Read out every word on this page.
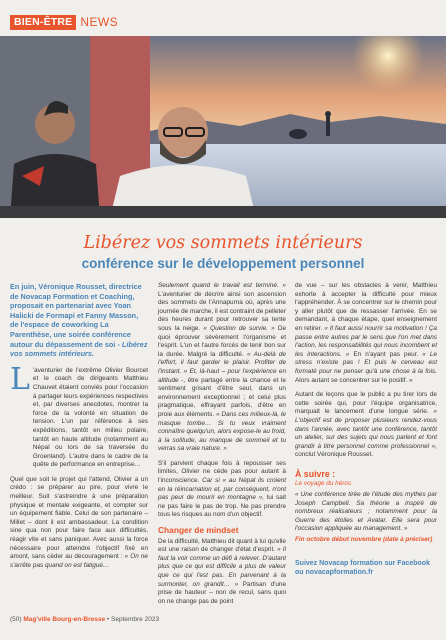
BIEN-ÊTRE NEWS
Libérez vos sommets intérieurs
conférence sur le développement personnel
En juin, Véronique Rousset, directrice de Novacap Formation et Coaching, proposait en partenariat avec Yoan Halicki de Formapi et Fanny Masson, de l'espace de coworking La Parenthèse, une soirée conférence autour du dépassement de soi - Libérez vos sommets intérieurs.
L 'aventurier de l'extrême Olivier Bourcet et le coach de dirigeants Matthieu Chauvet étaient conviés pour l'occasion à partager leurs expériences respectives et, par diverses anecdotes, montrer la force de la volonté en situation de tension. L'un par référence à ses expéditions, tantôt en milieu polaire, tantôt en haute altitude (notamment au Népal ou lors de sa traversée du Groenland). L'autre dans le cadre de la quête de performance en entreprise…

Quel que soit le projet qui l'attend, Olivier a un crédo : se préparer au pire, pour vivre le meilleur. Suit s'astreindre à une préparation physique et mentale exigeante, et compter sur un équipement fiable. Celui de son partenaire – Millet – dont il est ambassadeur. La condition sine qua non pour faire face aux difficultés, réagir vite et sans paniquer. Avec aussi la force nécessaire pour atteindre l'objectif fixé en amont, sans céder au découragement : « On ne s'arrête pas quand on est fatigué…

Seulement quand le travail est terminé. » L'aventurier de décrire ainsi son ascension des sommets de l'Annapurna où, après une journée de marche, il est contraint de pelleter des heures durant pour retrouver sa tente sous la neige. « Question de survie. » De quoi éprouver sévèrement l'organisme et l'esprit. L'un et l'autre forcés de tenir bon sur la durée. Malgré la difficulté. « Au-delà de l'effort, il faut garder le plaisir. Profiter de l'instant. » Et, là-haut – pour l'expérience en altitude -, être partagé entre la chance et le sentiment grisant d'être seul, dans un environnement exceptionnel ; et celui plus pragmatique, effrayant parfois, d'être en proie aux éléments. « Dans ces milieux-là, le masque tombe… Si tu veux vraiment connaître quelqu'un, alors expose-le au froid, à la solitude, au manque de sommeil et tu verras sa vraie nature. »

S'il parvient chaque fois à repousser ses limites, Olivier ne cède pas pour autant à l'inconscience. Car si « au Népal ils croient en la réincarnation et, par conséquent, n'ont pas peur de mourir en montagne », lui sait ne pas faire le pas de trop. Ne pas prendre tous les risques au nom d'un objectif.

Changer de mindset

De la difficulté, Matthieu dit quant à lui qu'elle est une raison de changer d'état d'esprit. « Il faut la voir comme un défi à relever. D'autant plus que ce qui est difficile a plus de valeur que ce qui l'est pas. En parvenant à la surmonter, on grandit… » Partisan d'une prise de hauteur – non de recul, sans quoi on ne change pas de point

de vue – sur les obstacles à venir, Matthieu exhorte à accepter la difficulté pour mieux l'appréhender. À se concentrer sur le chemin pour y aller plutôt que de ressasser l'arrivée. En se demandant, à chaque étape, quel enseignement en retirer. « Il faut aussi nourrir sa motivation ! Ça passe entre autres par le sens que l'on met dans l'action, les responsabilités qui nous incombent et les interactions. » En n'ayant pas peur. « Le stress n'existe pas ! Et puis le cerveau est formaté pour ne penser qu'à une chose à la fois. Alors autant se concentrer sur le positif. »

Autant de leçons que le public a pu tirer lors de cette soirée qui, pour l'équipe organisatrice, marquait le lancement d'une longue série. « L'objectif est de proposer plusieurs rendez-vous dans l'année, avec tantôt une conférence, tantôt un atelier, sur des sujets qui nous parlent et font grandir à titre personnel comme professionnel », conclut Véronique Rousset.

À suivre :
Le voyage du héros
« Une conférence tirée de l'étude des mythes par Joseph Campbell. Sa théorie a inspiré de nombreux réalisateurs ; notamment pour la Guerre des étoiles et Avatar. Elle sera pour l'occasion appliquée au management. »
Fin octobre début novembre (date à préciser)
Suivez Novacap formation sur Facebook ou novacapformation.fr
(50) Mag'ville Bourg-en-Bresse • Septembre 2023
